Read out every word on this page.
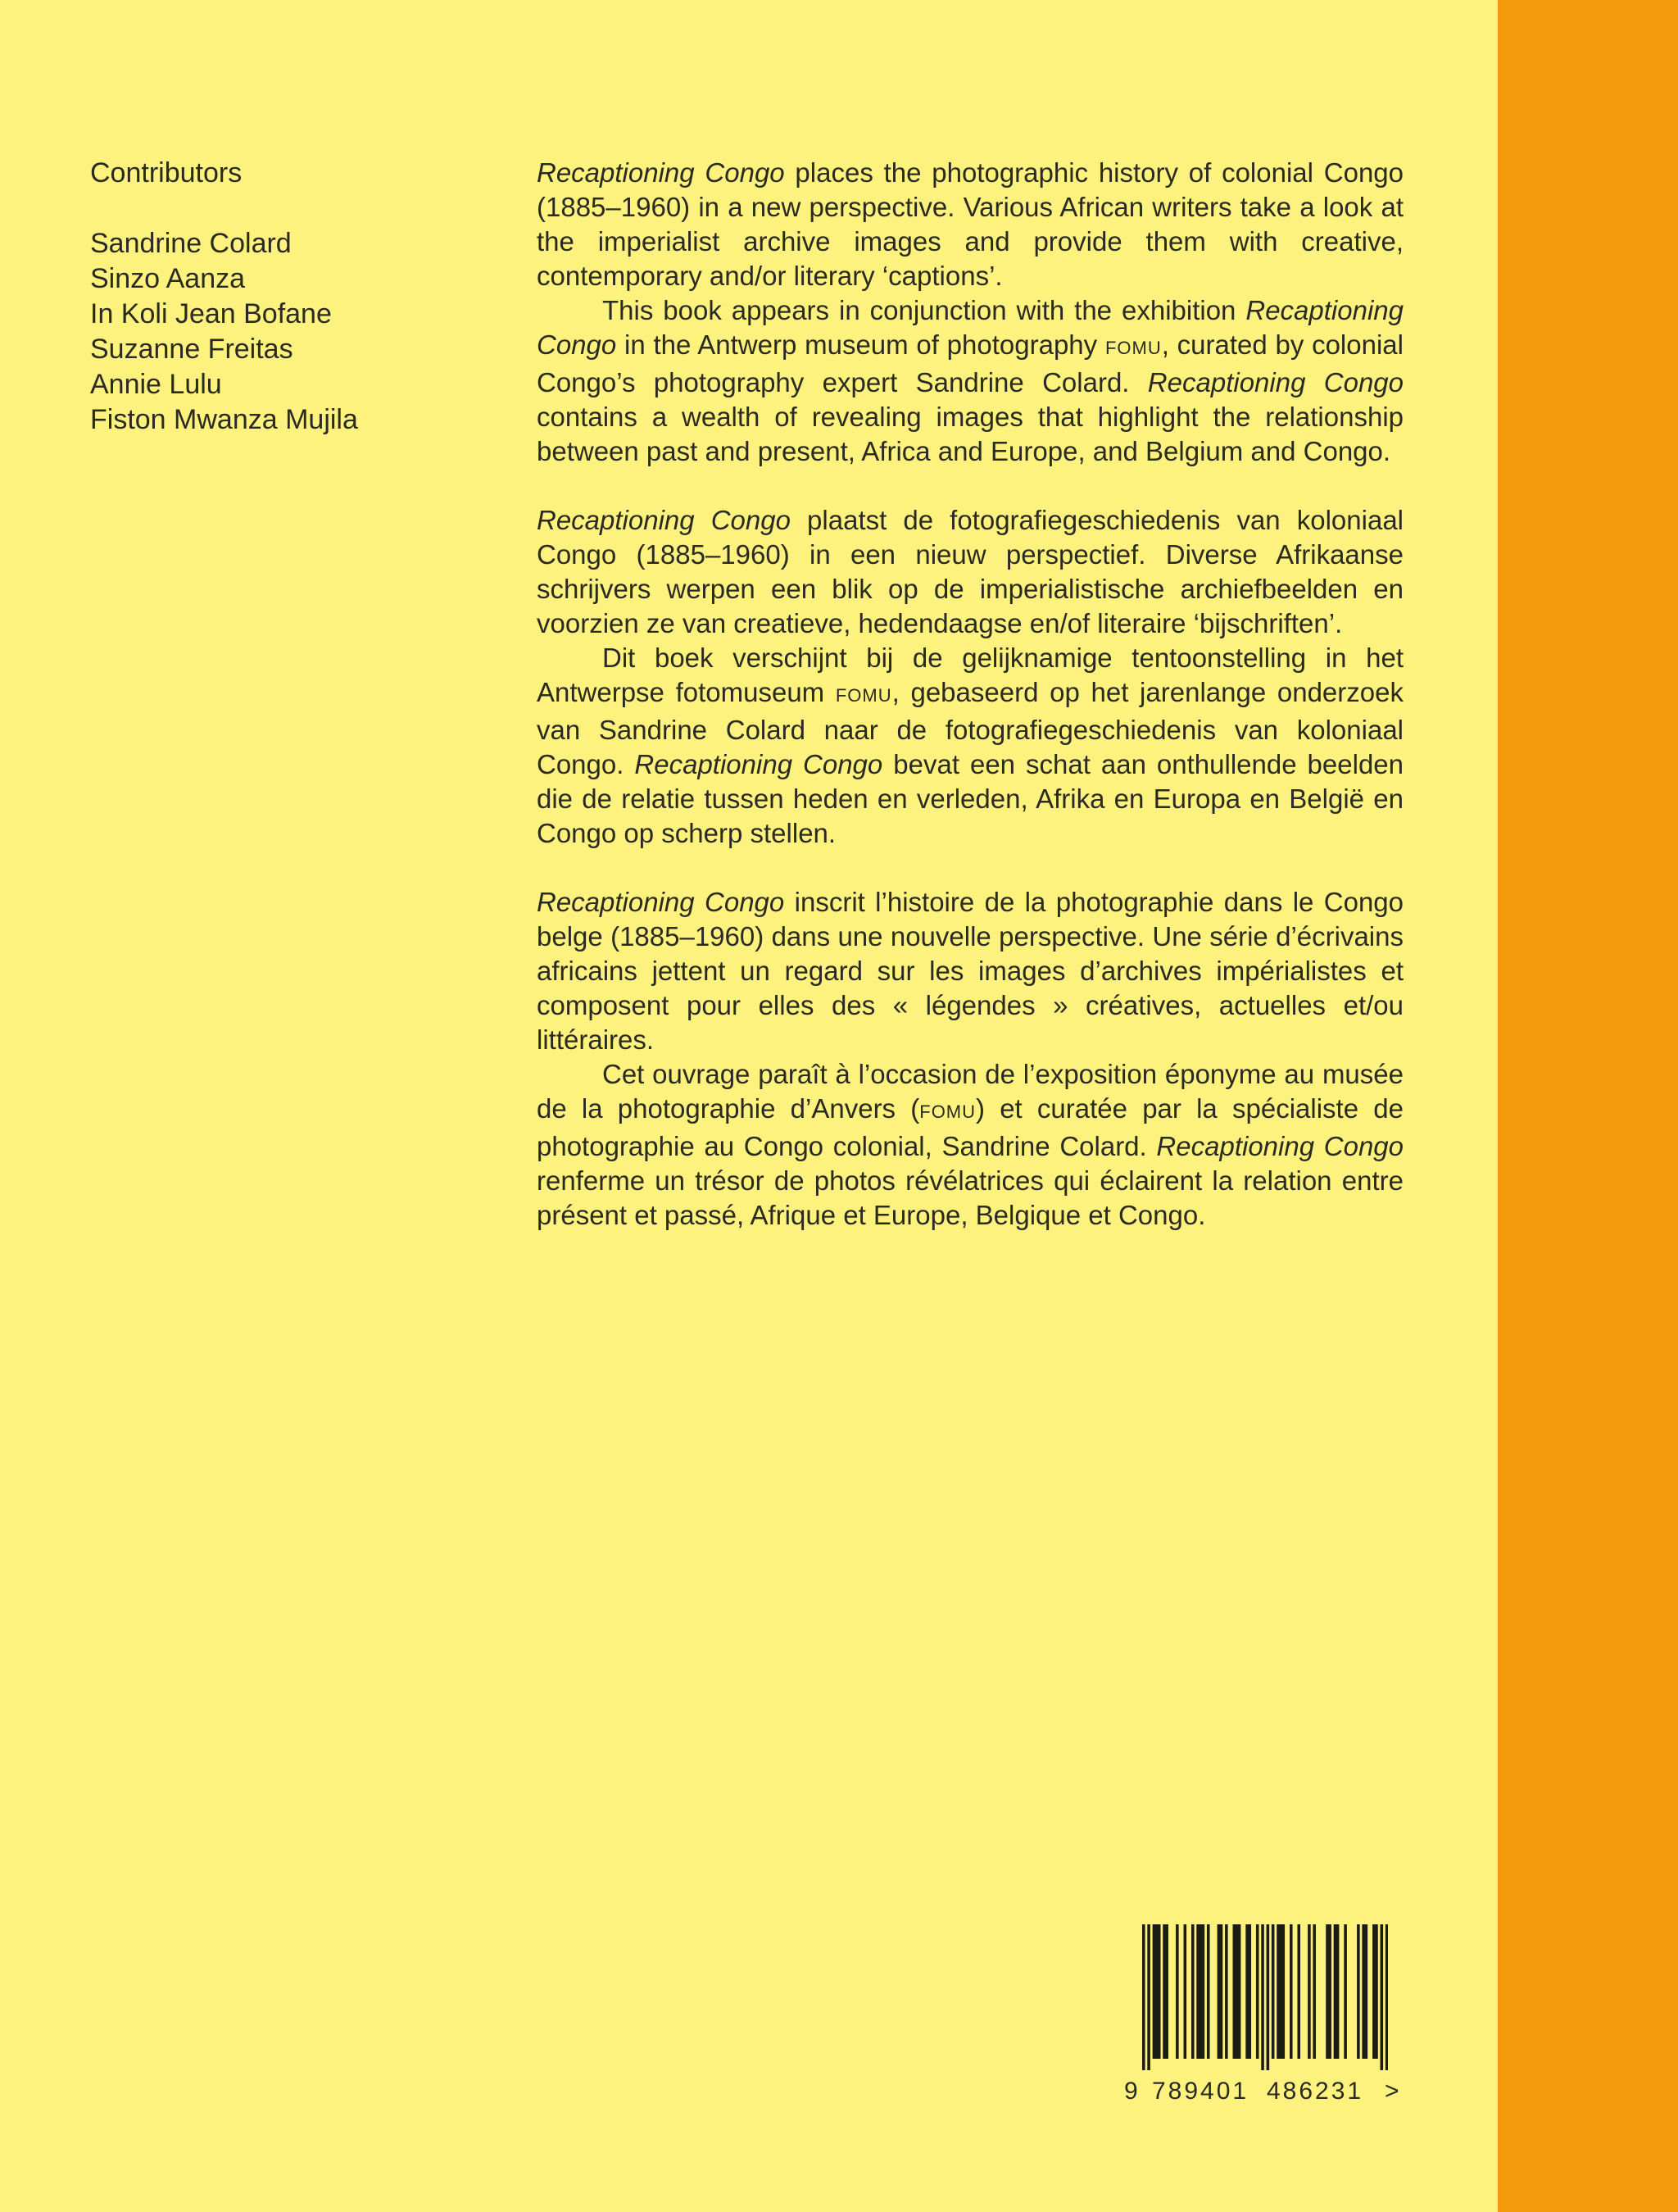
Contributors

Sandrine Colard
Sinzo Aanza
In Koli Jean Bofane
Suzanne Freitas
Annie Lulu
Fiston Mwanza Mujila

Recaptioning Congo places the photographic history of colonial Congo (1885–1960) in a new perspective. Various African writers take a look at the imperialist archive images and provide them with creative, contemporary and/or literary ‘captions’.

This book appears in conjunction with the exhibition Recaptioning Congo in the Antwerp museum of photography FOMU, curated by colonial Congo’s photography expert Sandrine Colard. Recaptioning Congo contains a wealth of revealing images that highlight the relationship between past and present, Africa and Europe, and Belgium and Congo.

Recaptioning Congo plaatst de fotografiegeschiedenis van koloniaal Congo (1885–1960) in een nieuw perspectief. Diverse Afrikaanse schrijvers werpen een blik op de imperialistische archiefbeelden en voorzien ze van creatieve, hedendaagse en/of literaire ‘bijschriften’.

Dit boek verschijnt bij de gelijknamige tentoonstelling in het Antwerpse fotomuseum FOMU, gebaseerd op het jarenlange onderzoek van Sandrine Colard naar de fotografiegeschiedenis van koloniaal Congo. Recaptioning Congo bevat een schat aan onthullende beelden die de relatie tussen heden en verleden, Afrika en Europa en België en Congo op scherp stellen.

Recaptioning Congo inscrit l’histoire de la photographie dans le Congo belge (1885–1960) dans une nouvelle perspective. Une série d’écrivains africains jettent un regard sur les images d’archives impérialistes et composent pour elles des « légendes » créatives, actuelles et/ou littéraires.

Cet ouvrage paraît à l’occasion de l’exposition éponyme au musée de la photographie d’Anvers (FOMU) et curatée par la spécialiste de photographie au Congo colonial, Sandrine Colard. Recaptioning Congo renferme un trésor de photos révélatrices qui éclairent la relation entre présent et passé, Afrique et Europe, Belgique et Congo.

9 789401 486231 >
